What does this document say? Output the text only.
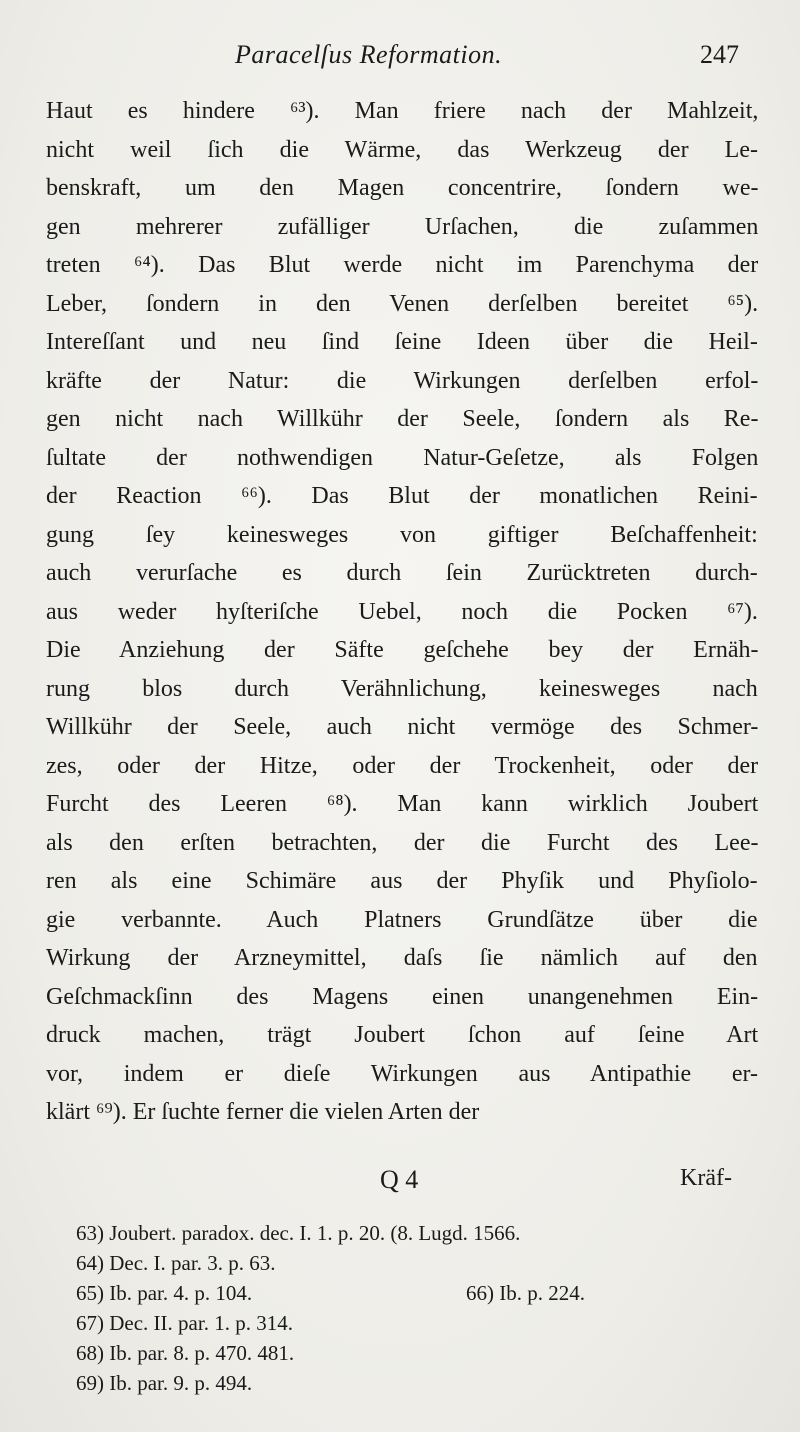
Paracelſus Reformation.	247
Haut es hindere ⁶³). Man friere nach der Mahlzeit,
nicht weil ſich die Wärme, das Werkzeug der Le-
benskraft, um den Magen concentrire, ſondern we-
gen mehrerer zufälliger Urſachen, die zuſammen
treten ⁶⁴). Das Blut werde nicht im Parenchyma der
Leber, ſondern in den Venen derſelben bereitet ⁶⁵).
Intereſſant und neu ſind ſeine Ideen über die Heil-
kräfte der Natur: die Wirkungen derſelben erfol-
gen nicht nach Willkühr der Seele, ſondern als Re-
ſultate der nothwendigen Natur-Geſetze, als Folgen
der Reaction ⁶⁶). Das Blut der monatlichen Reini-
gung ſey keinesweges von giftiger Beſchaffenheit:
auch verurſache es durch ſein Zurücktreten durch-
aus weder hyſteriſche Uebel, noch die Pocken ⁶⁷).
Die Anziehung der Säfte geſchehe bey der Ernäh-
rung blos durch Verähnlichung, keinesweges nach
Willkühr der Seele, auch nicht vermöge des Schmer-
zes, oder der Hitze, oder der Trockenheit, oder der
Furcht des Leeren ⁶⁸). Man kann wirklich Joubert
als den erſten betrachten, der die Furcht des Lee-
ren als eine Schimäre aus der Phyſik und Phyſiolo-
gie verbannte. Auch Platners Grundſätze über die
Wirkung der Arzneymittel, daſs ſie nämlich auf den
Geſchmackſinn des Magens einen unangenehmen Ein-
druck machen, trägt Joubert ſchon auf ſeine Art
vor, indem er dieſe Wirkungen aus Antipathie er-
klärt ⁶⁹). Er ſuchte ferner die vielen Arten der
Q 4	Kräf-
63) Joubert. paradox. dec. I. 1. p. 20. (8. Lugd. 1566.
64) Dec. I. par. 3. p. 63.
65) Ib. par. 4. p. 104.	66) Ib. p. 224.
67) Dec. II. par. 1. p. 314.
68) Ib. par. 8. p. 470. 481.
69) Ib. par. 9. p. 494.
